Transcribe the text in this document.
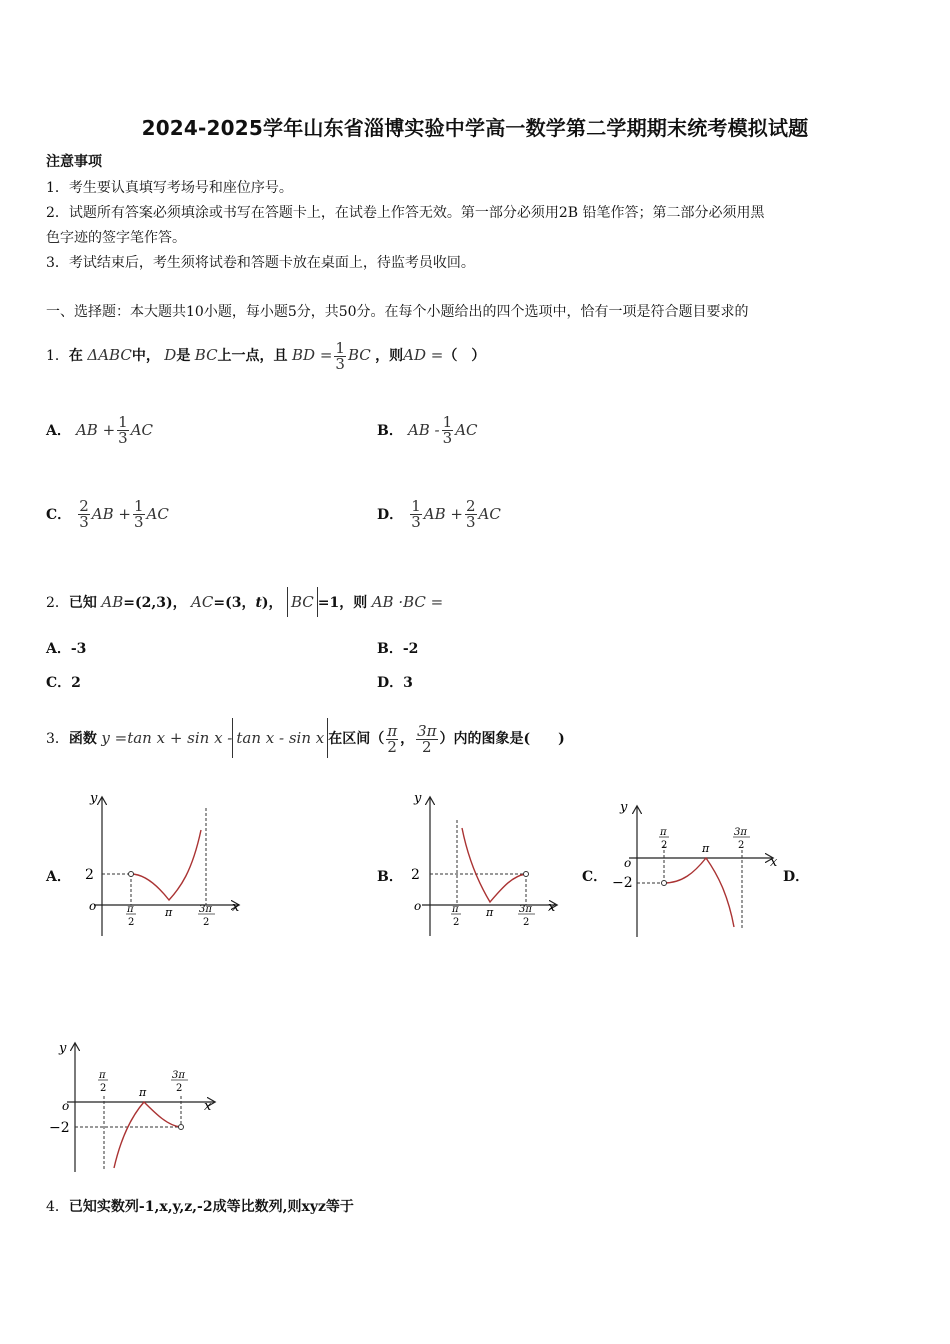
2024-2025学年山东省淄博实验中学高一数学第二学期期末统考模拟试题
注意事项
1．考生要认真填写考场号和座位序号。
2．试题所有答案必须填涂或书写在答题卡上，在试卷上作答无效。第一部分必须用2B 铅笔作答；第二部分必须用黑
色字迹的签字笔作答。
3．考试结束后，考生须将试卷和答题卡放在桌面上，待监考员收回。
一、选择题：本大题共10小题，每小题5分，共50分。在每个小题给出的四个选项中，恰有一项是符合题目要求的
1．在 ΔABC中， D是 BC上一点，且 BD = $\frac{1}{3}$ BC ，则AD =（　）
A． AB + $\frac{1}{3}$ AC	B． AB - $\frac{1}{3}$ AC
C． $\frac{2}{3}$ AB + $\frac{1}{3}$ AC	D． $\frac{1}{3}$ AB + $\frac{2}{3}$ AC
2．已知 AB=(2,3)， AC=(3，t)， BC =1，则 AB ·BC =
A．-3	B．-2
C．2	D．3
3．函数 y =tan x + sin x - tan x - sin x 在区间（ $\frac{\pi}{2}$ ， $\frac{3\pi}{2}$ ）内的图象是(　　)
A．	B．	C．	D．
y
x
o
2
π
2
π	3π
2
y
x
o
2
π
2
π	3π
2
y
x
o
−2
π
2	π
3π
2
y
x
o
−2
π
2	π
3π
2
4．已知实数列-1,x,y,z,-2成等比数列,则xyz等于
